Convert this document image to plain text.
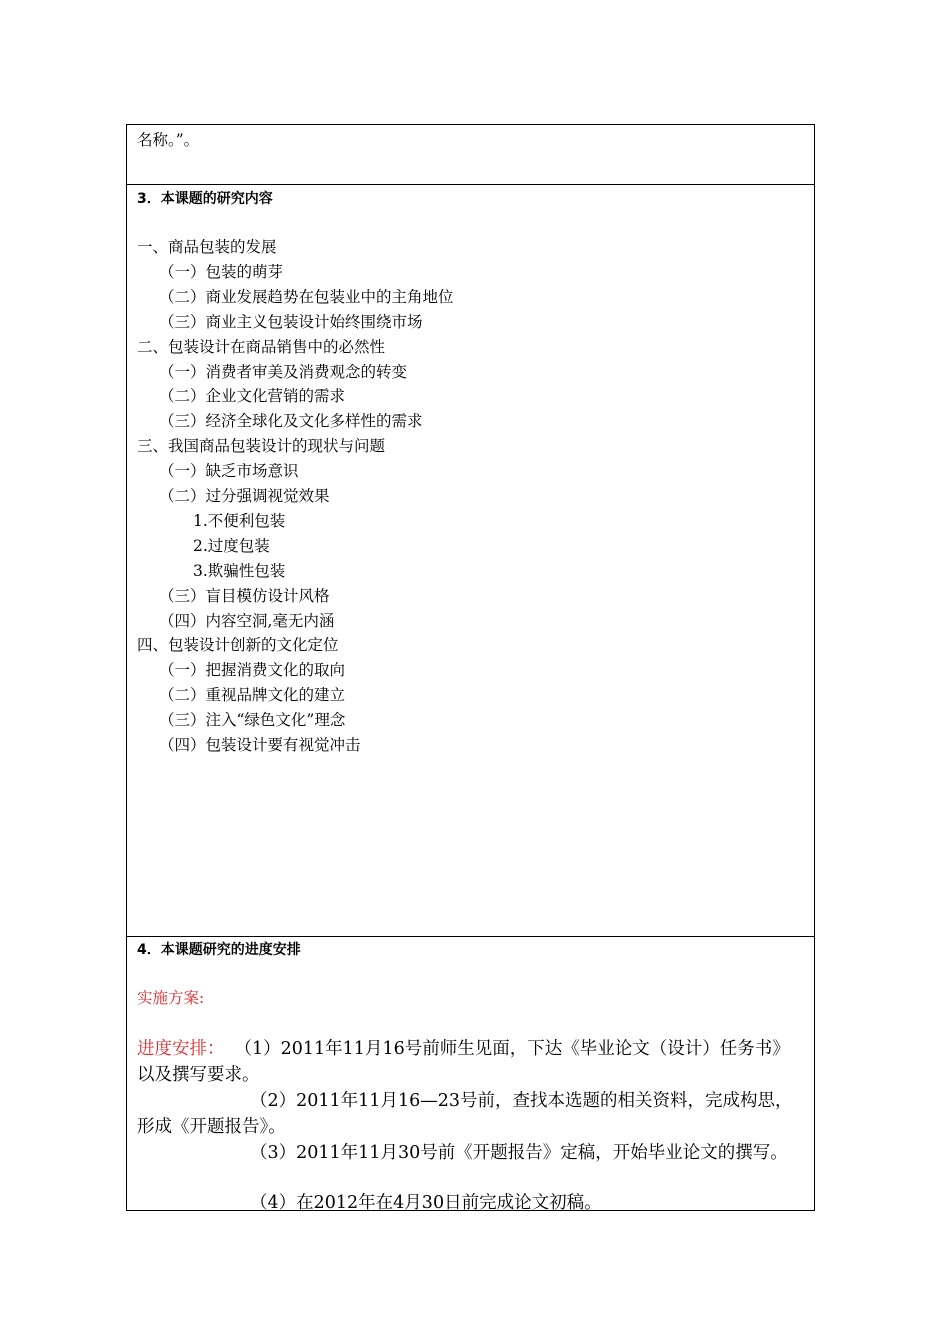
名称。”。
3．本课题的研究内容
一、商品包装的发展
（一）包装的萌芽
（二）商业发展趋势在包装业中的主角地位
（三）商业主义包装设计始终围绕市场
二、包装设计在商品销售中的必然性
（一）消费者审美及消费观念的转变
（二）企业文化营销的需求
（三）经济全球化及文化多样性的需求
三、我国商品包装设计的现状与问题
（一）缺乏市场意识
（二）过分强调视觉效果
1.不便利包装
2.过度包装
3.欺骗性包装
（三）盲目模仿设计风格
（四）内容空洞,毫无内涵
四、包装设计创新的文化定位
（一）把握消费文化的取向
（二）重视品牌文化的建立
（三）注入“绿色文化”理念
（四）包装设计要有视觉冲击
4．本课题研究的进度安排
实施方案:
进度安排： （1）2011年11月16号前师生见面，下达《毕业论文（设计）任务书》以及撰写要求。
（2）2011年11月16—23号前，查找本选题的相关资料，完成构思，形成《开题报告》。
（3）2011年11月30号前《开题报告》定稿，开始毕业论文的撰写。
（4）在2012年在4月30日前完成论文初稿。
